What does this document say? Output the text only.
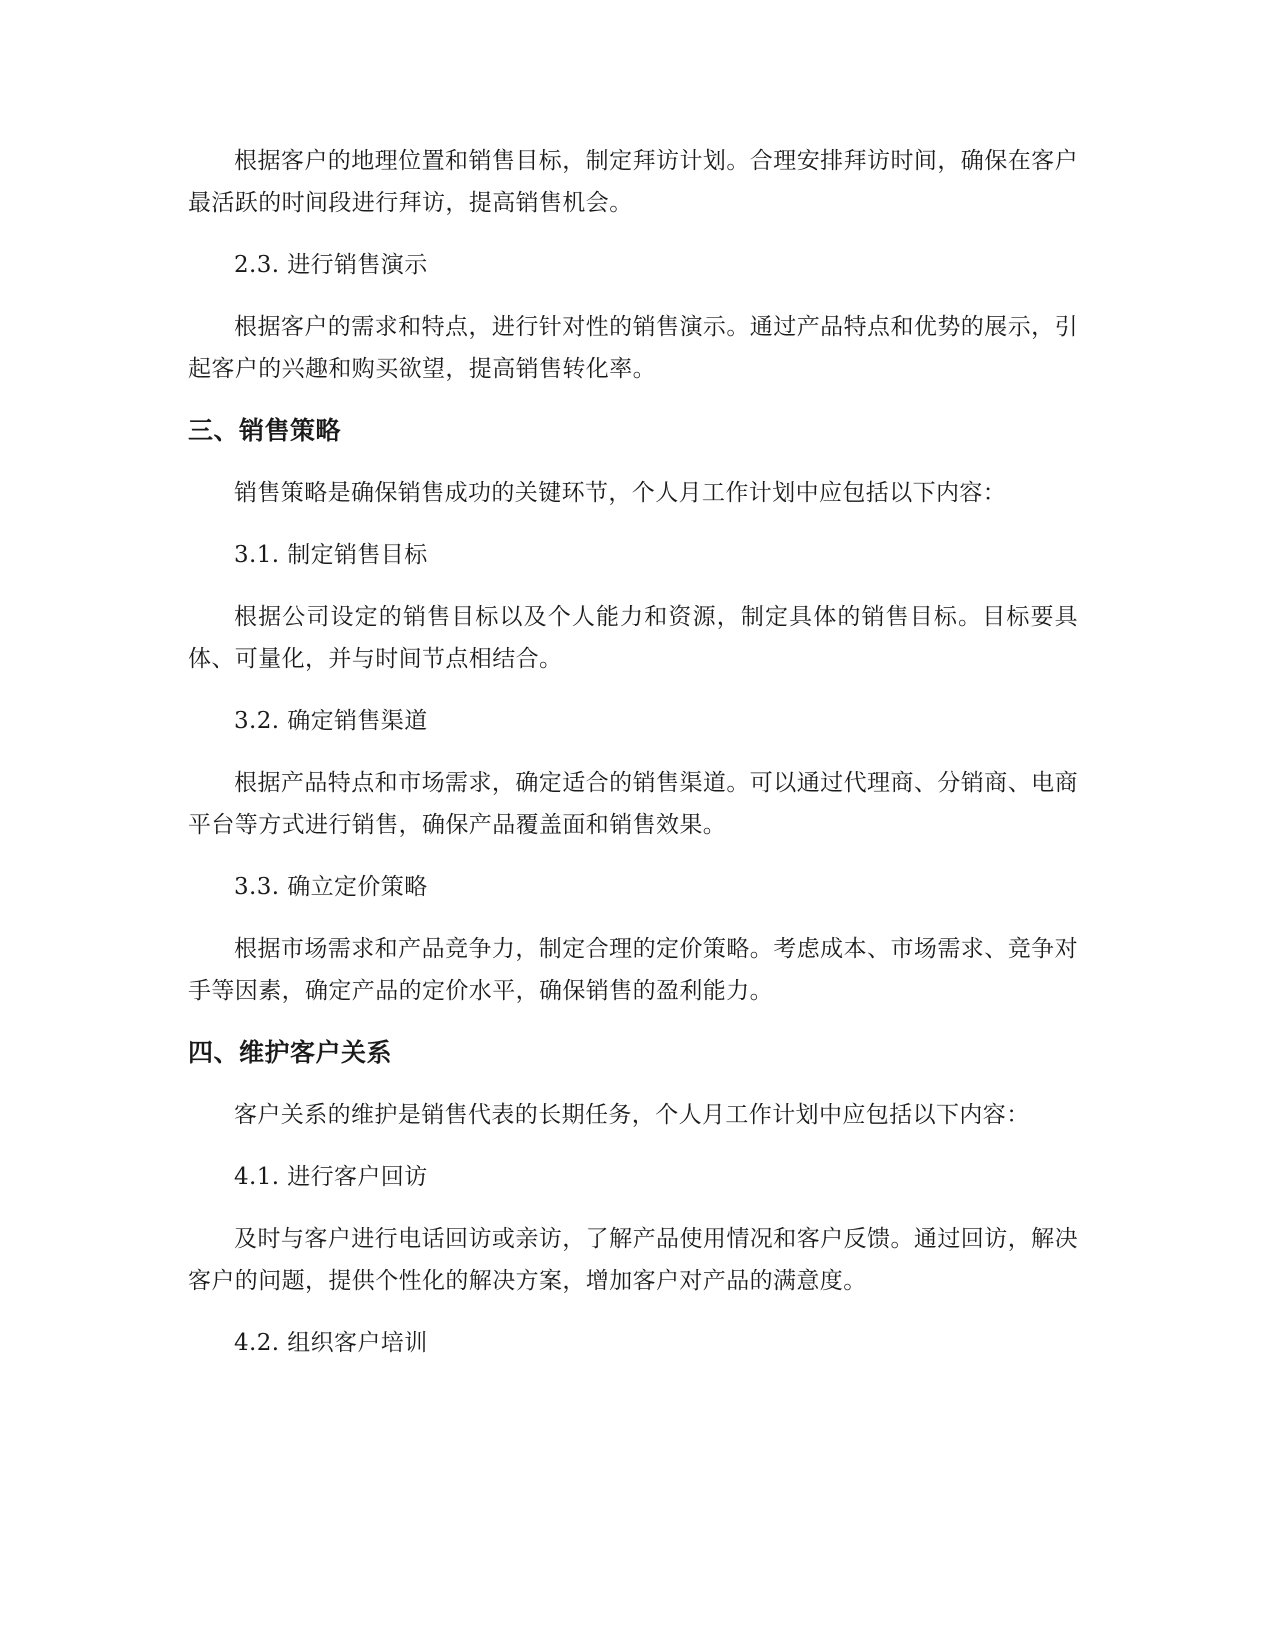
根据客户的地理位置和销售目标，制定拜访计划。合理安排拜访时间，确保在客户最活跃的时间段进行拜访，提高销售机会。

2.3. 进行销售演示

根据客户的需求和特点，进行针对性的销售演示。通过产品特点和优势的展示，引起客户的兴趣和购买欲望，提高销售转化率。

三、销售策略

销售策略是确保销售成功的关键环节，个人月工作计划中应包括以下内容：

3.1. 制定销售目标

根据公司设定的销售目标以及个人能力和资源，制定具体的销售目标。目标要具体、可量化，并与时间节点相结合。

3.2. 确定销售渠道

根据产品特点和市场需求，确定适合的销售渠道。可以通过代理商、分销商、电商平台等方式进行销售，确保产品覆盖面和销售效果。

3.3. 确立定价策略

根据市场需求和产品竞争力，制定合理的定价策略。考虑成本、市场需求、竞争对手等因素，确定产品的定价水平，确保销售的盈利能力。

四、维护客户关系

客户关系的维护是销售代表的长期任务，个人月工作计划中应包括以下内容：

4.1. 进行客户回访

及时与客户进行电话回访或亲访，了解产品使用情况和客户反馈。通过回访，解决客户的问题，提供个性化的解决方案，增加客户对产品的满意度。

4.2. 组织客户培训
